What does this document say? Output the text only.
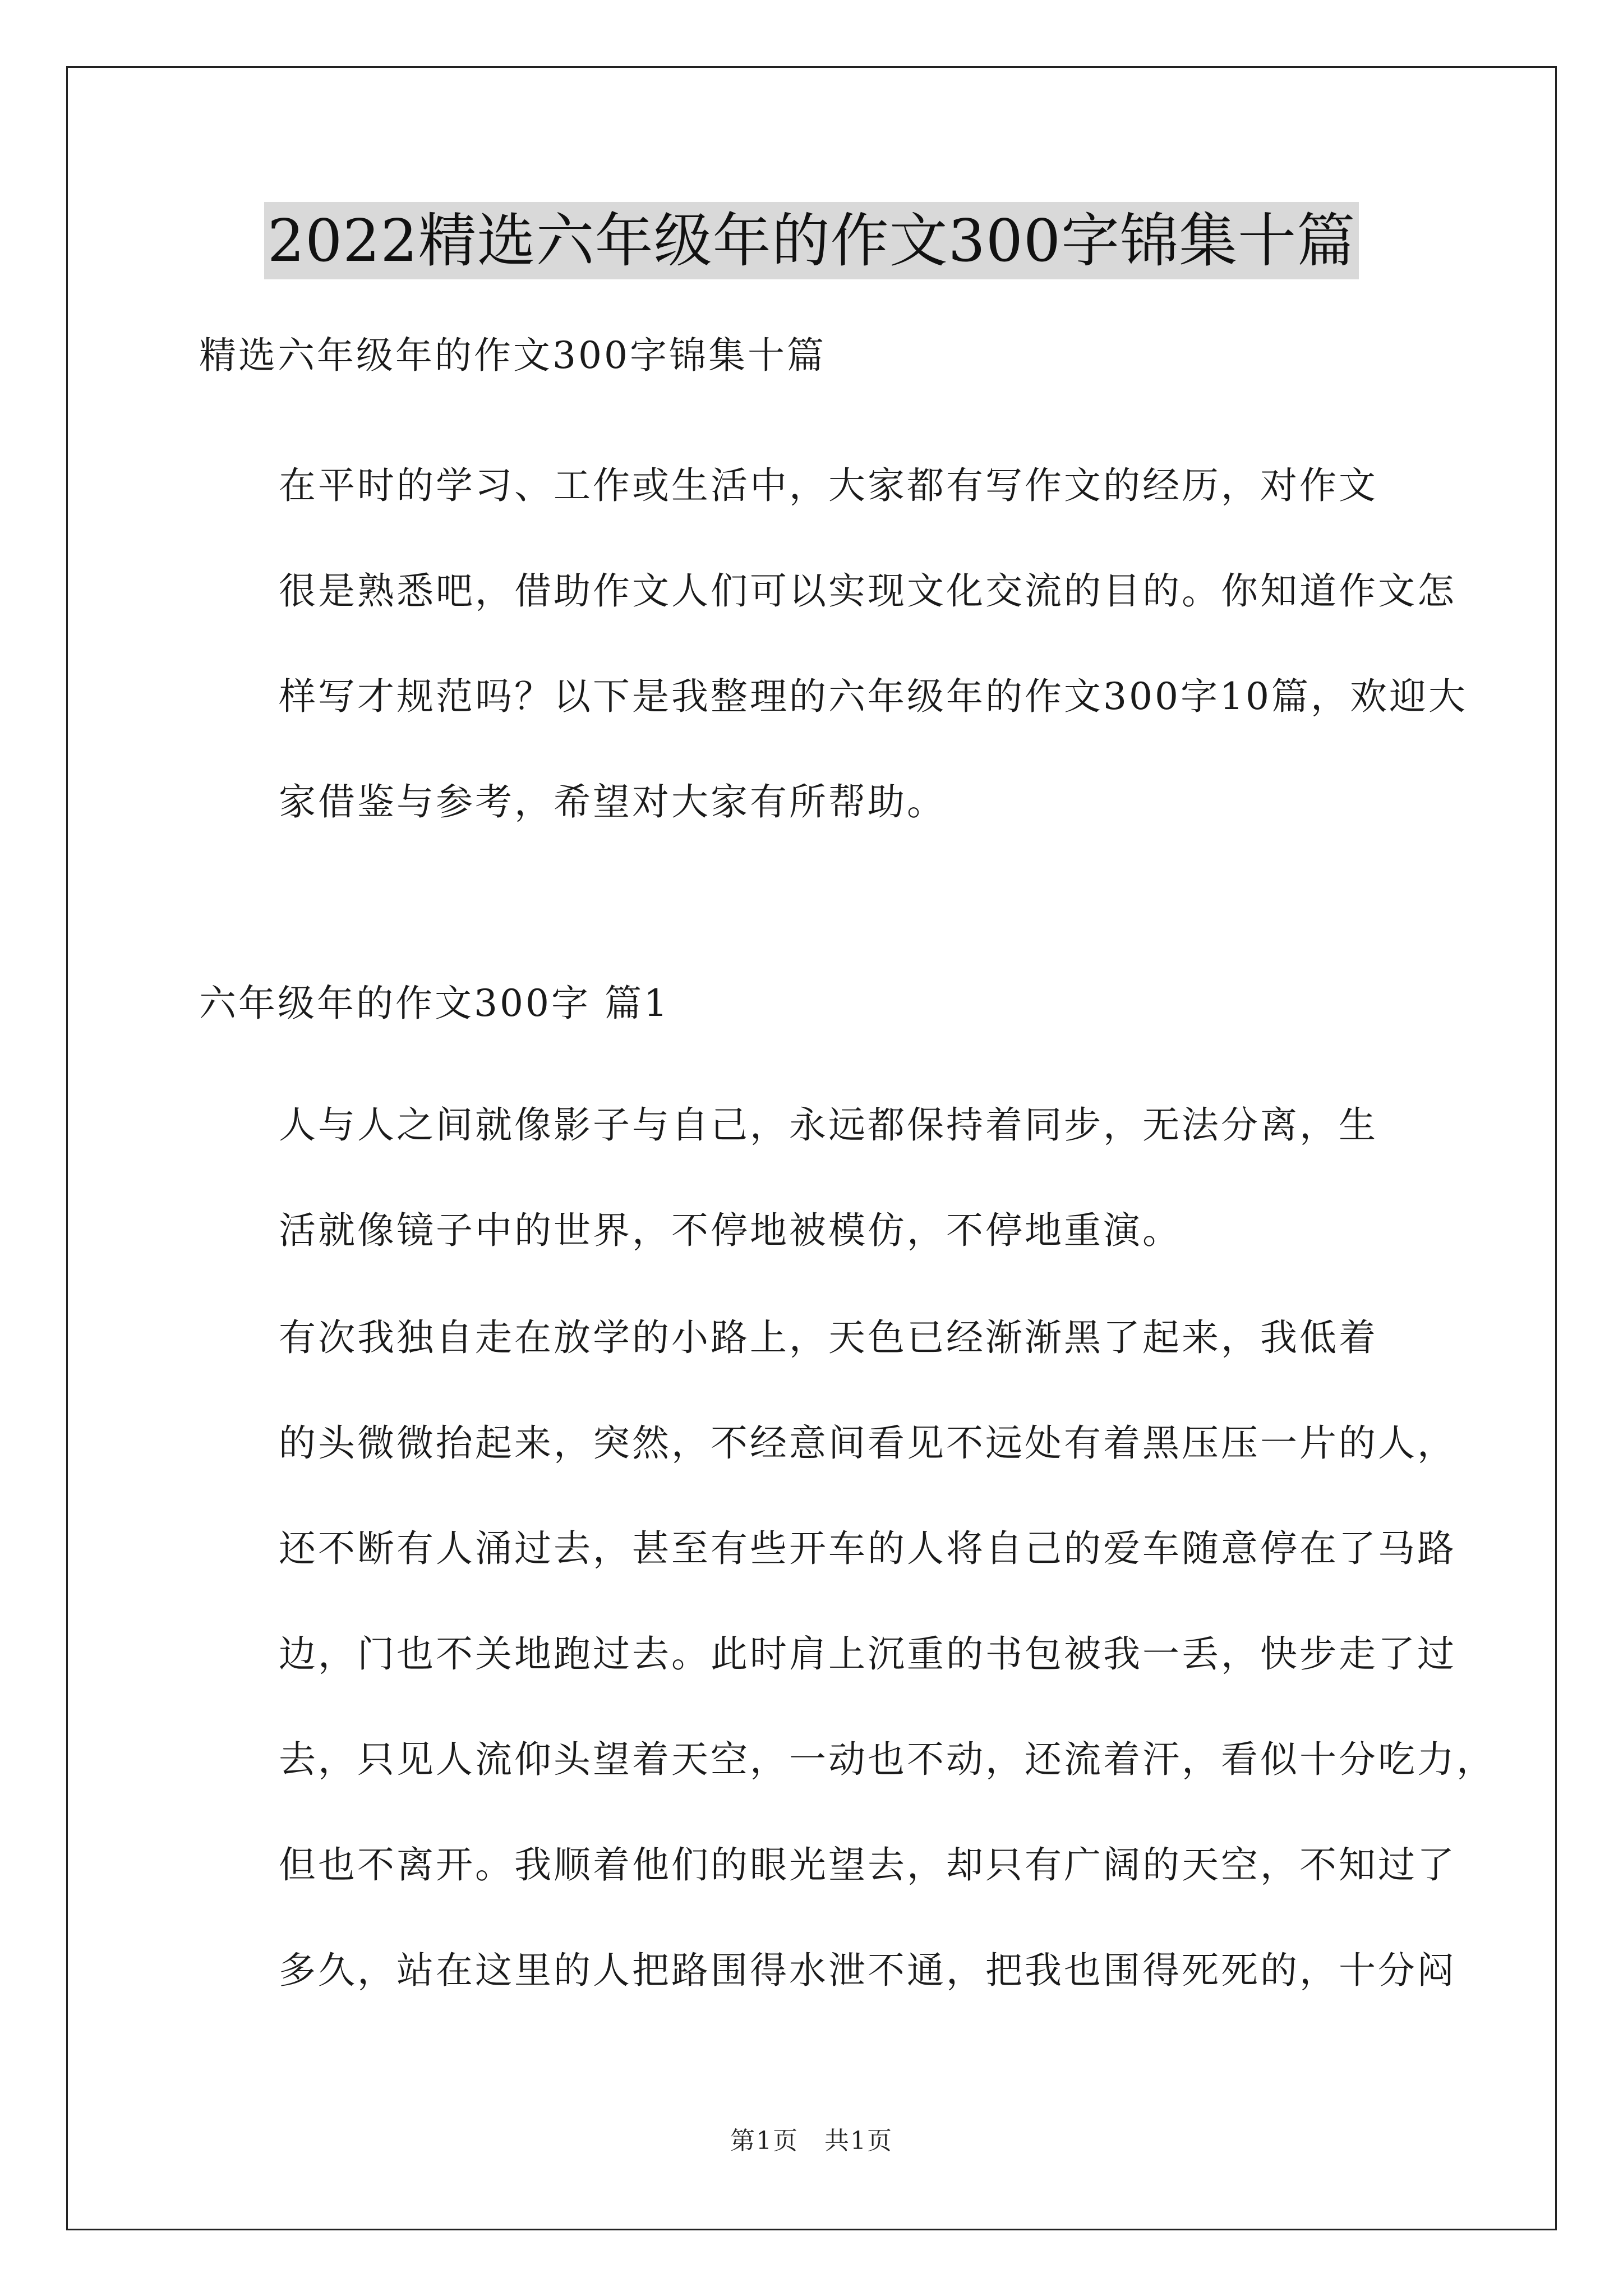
2022精选六年级年的作文300字锦集十篇

精选六年级年的作文300字锦集十篇

在平时的学习、工作或生活中，大家都有写作文的经历，对作文
很是熟悉吧，借助作文人们可以实现文化交流的目的。你知道作文怎
样写才规范吗？以下是我整理的六年级年的作文300字10篇，欢迎大
家借鉴与参考，希望对大家有所帮助。

六年级年的作文300字 篇1

人与人之间就像影子与自己，永远都保持着同步，无法分离，生
活就像镜子中的世界，不停地被模仿，不停地重演。

有次我独自走在放学的小路上，天色已经渐渐黑了起来，我低着
的头微微抬起来，突然，不经意间看见不远处有着黑压压一片的人，
还不断有人涌过去，甚至有些开车的人将自己的爱车随意停在了马路
边，门也不关地跑过去。此时肩上沉重的书包被我一丢，快步走了过
去，只见人流仰头望着天空，一动也不动，还流着汗，看似十分吃力，
但也不离开。我顺着他们的眼光望去，却只有广阔的天空，不知过了
多久，站在这里的人把路围得水泄不通，把我也围得死死的，十分闷

第1页 共1页
